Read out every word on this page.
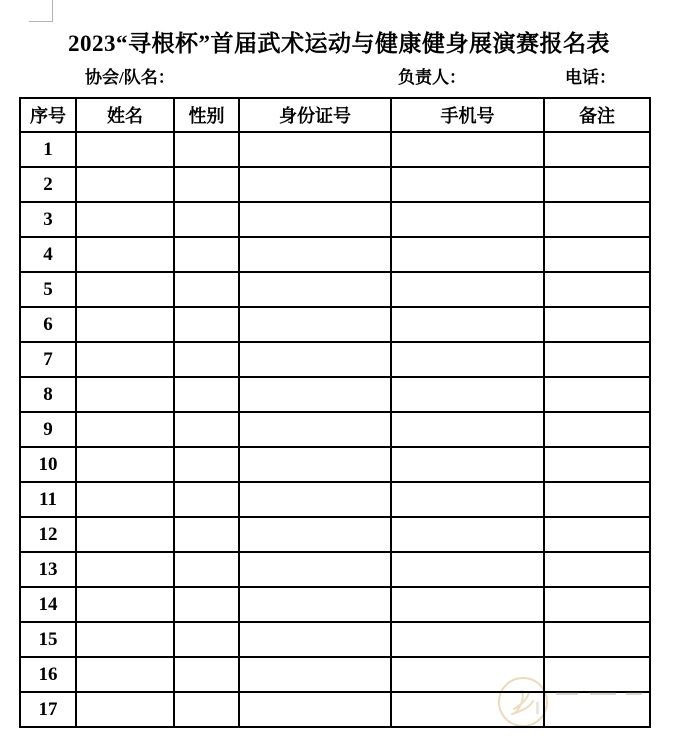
2023“寻根杯”首届武术运动与健康健身展演赛报名表
协会/队名：	负责人：	电话：
序号	姓名	性别	身份证号	手机号	备注
1					
2					
3					
4					
5					
6					
7					
8					
9					
10					
11					
12					
13					
14					
15					
16					
17					
